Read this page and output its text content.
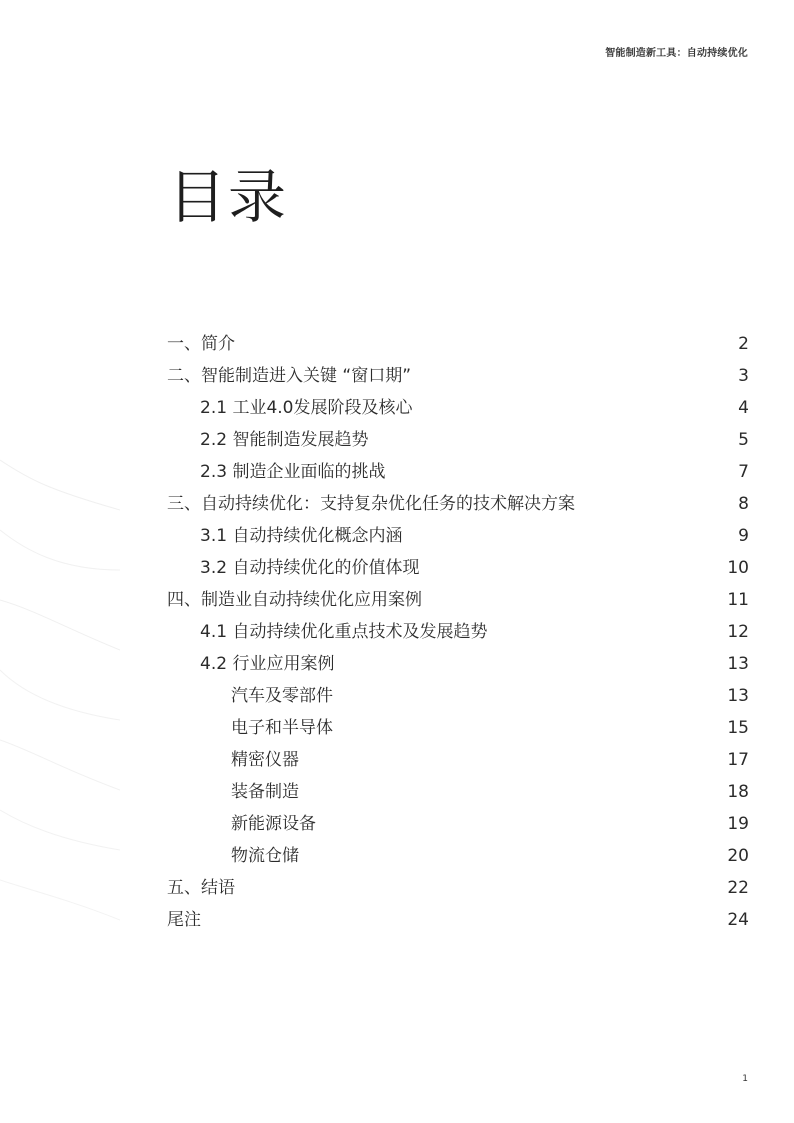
智能制造新工具：自动持续优化
目录
一、简介	2
二、智能制造进入关键 “窗口期”	3
2.1 工业4.0发展阶段及核心	4
2.2 智能制造发展趋势	5
2.3 制造企业面临的挑战	7
三、自动持续优化：支持复杂优化任务的技术解决方案	8
3.1 自动持续优化概念内涵	9
3.2 自动持续优化的价值体现	10
四、制造业自动持续优化应用案例	11
4.1 自动持续优化重点技术及发展趋势	12
4.2 行业应用案例	13
汽车及零部件	13
电子和半导体	15
精密仪器	17
装备制造	18
新能源设备	19
物流仓储	20
五、结语	22
尾注	24
1
